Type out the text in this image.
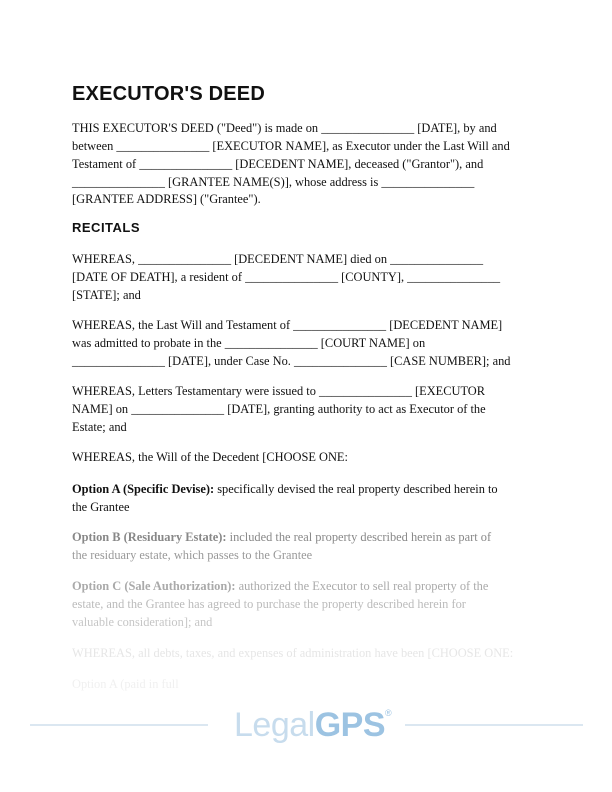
EXECUTOR'S DEED
RECITALS
THIS EXECUTOR'S DEED ("Deed") is made on _______________ [DATE], by and
between _______________ [EXECUTOR NAME], as Executor under the Last Will and
Testament of _______________ [DECEDENT NAME], deceased ("Grantor"), and
_______________ [GRANTEE NAME(S)], whose address is _______________
[GRANTEE ADDRESS] ("Grantee").
WHEREAS, _______________ [DECEDENT NAME] died on _______________
[DATE OF DEATH], a resident of _______________ [COUNTY], _______________
[STATE]; and
WHEREAS, the Last Will and Testament of _______________ [DECEDENT NAME]
was admitted to probate in the _______________ [COURT NAME] on
_______________ [DATE], under Case No. _______________ [CASE NUMBER]; and
WHEREAS, Letters Testamentary were issued to _______________ [EXECUTOR
NAME] on _______________ [DATE], granting authority to act as Executor of the
Estate; and
WHEREAS, the Will of the Decedent [CHOOSE ONE:
Option A (Specific Devise): specifically devised the real property described herein to
the Grantee
Option B (Residuary Estate): included the real property described herein as part of
the residuary estate, which passes to the Grantee
Option C (Sale Authorization): authorized the Executor to sell real property of the
estate, and the Grantee has agreed to purchase the property described herein for
valuable consideration]; and
WHEREAS, all debts, taxes, and expenses of administration have been [CHOOSE ONE:
Option A (paid in full
LegalGPS®
